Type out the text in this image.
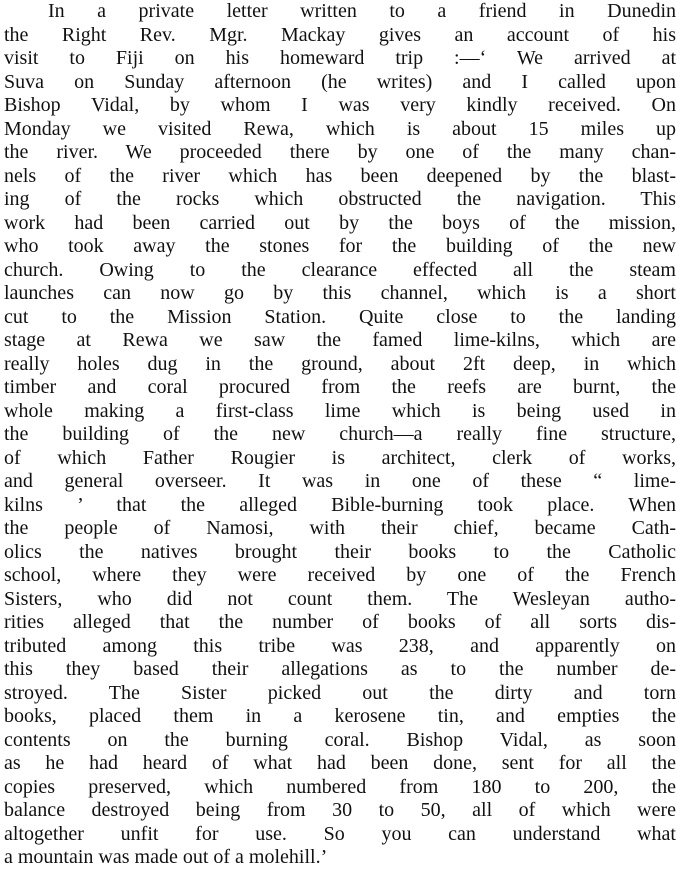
In a private letter written to a friend in Dunedin
the Right Rev. Mgr. Mackay gives an account of his
visit to Fiji on his homeward trip :—‘ We arrived at
Suva on Sunday afternoon (he writes) and I called upon
Bishop Vidal, by whom I was very kindly received. On
Monday we visited Rewa, which is about 15 miles up
the river. We proceeded there by one of the many chan-
nels of the river which has been deepened by the blast-
ing of the rocks which obstructed the navigation. This
work had been carried out by the boys of the mission,
who took away the stones for the building of the new
church. Owing to the clearance effected all the steam
launches can now go by this channel, which is a short
cut to the Mission Station. Quite close to the landing
stage at Rewa we saw the famed lime-kilns, which are
really holes dug in the ground, about 2ft deep, in which
timber and coral procured from the reefs are burnt, the
whole making a first-class lime which is being used in
the building of the new church—a really fine structure,
of which Father Rougier is architect, clerk of works,
and general overseer. It was in one of these “ lime-
kilns ’ that the alleged Bible-burning took place. When
the people of Namosi, with their chief, became Cath-
olics the natives brought their books to the Catholic
school, where they were received by one of the French
Sisters, who did not count them. The Wesleyan autho-
rities alleged that the number of books of all sorts dis-
tributed among this tribe was 238, and apparently on
this they based their allegations as to the number de-
stroyed. The Sister picked out the dirty and torn
books, placed them in a kerosene tin, and empties the
contents on the burning coral. Bishop Vidal, as soon
as he had heard of what had been done, sent for all the
copies preserved, which numbered from 180 to 200, the
balance destroyed being from 30 to 50, all of which were
altogether unfit for use. So you can understand what
a mountain was made out of a molehill.’
